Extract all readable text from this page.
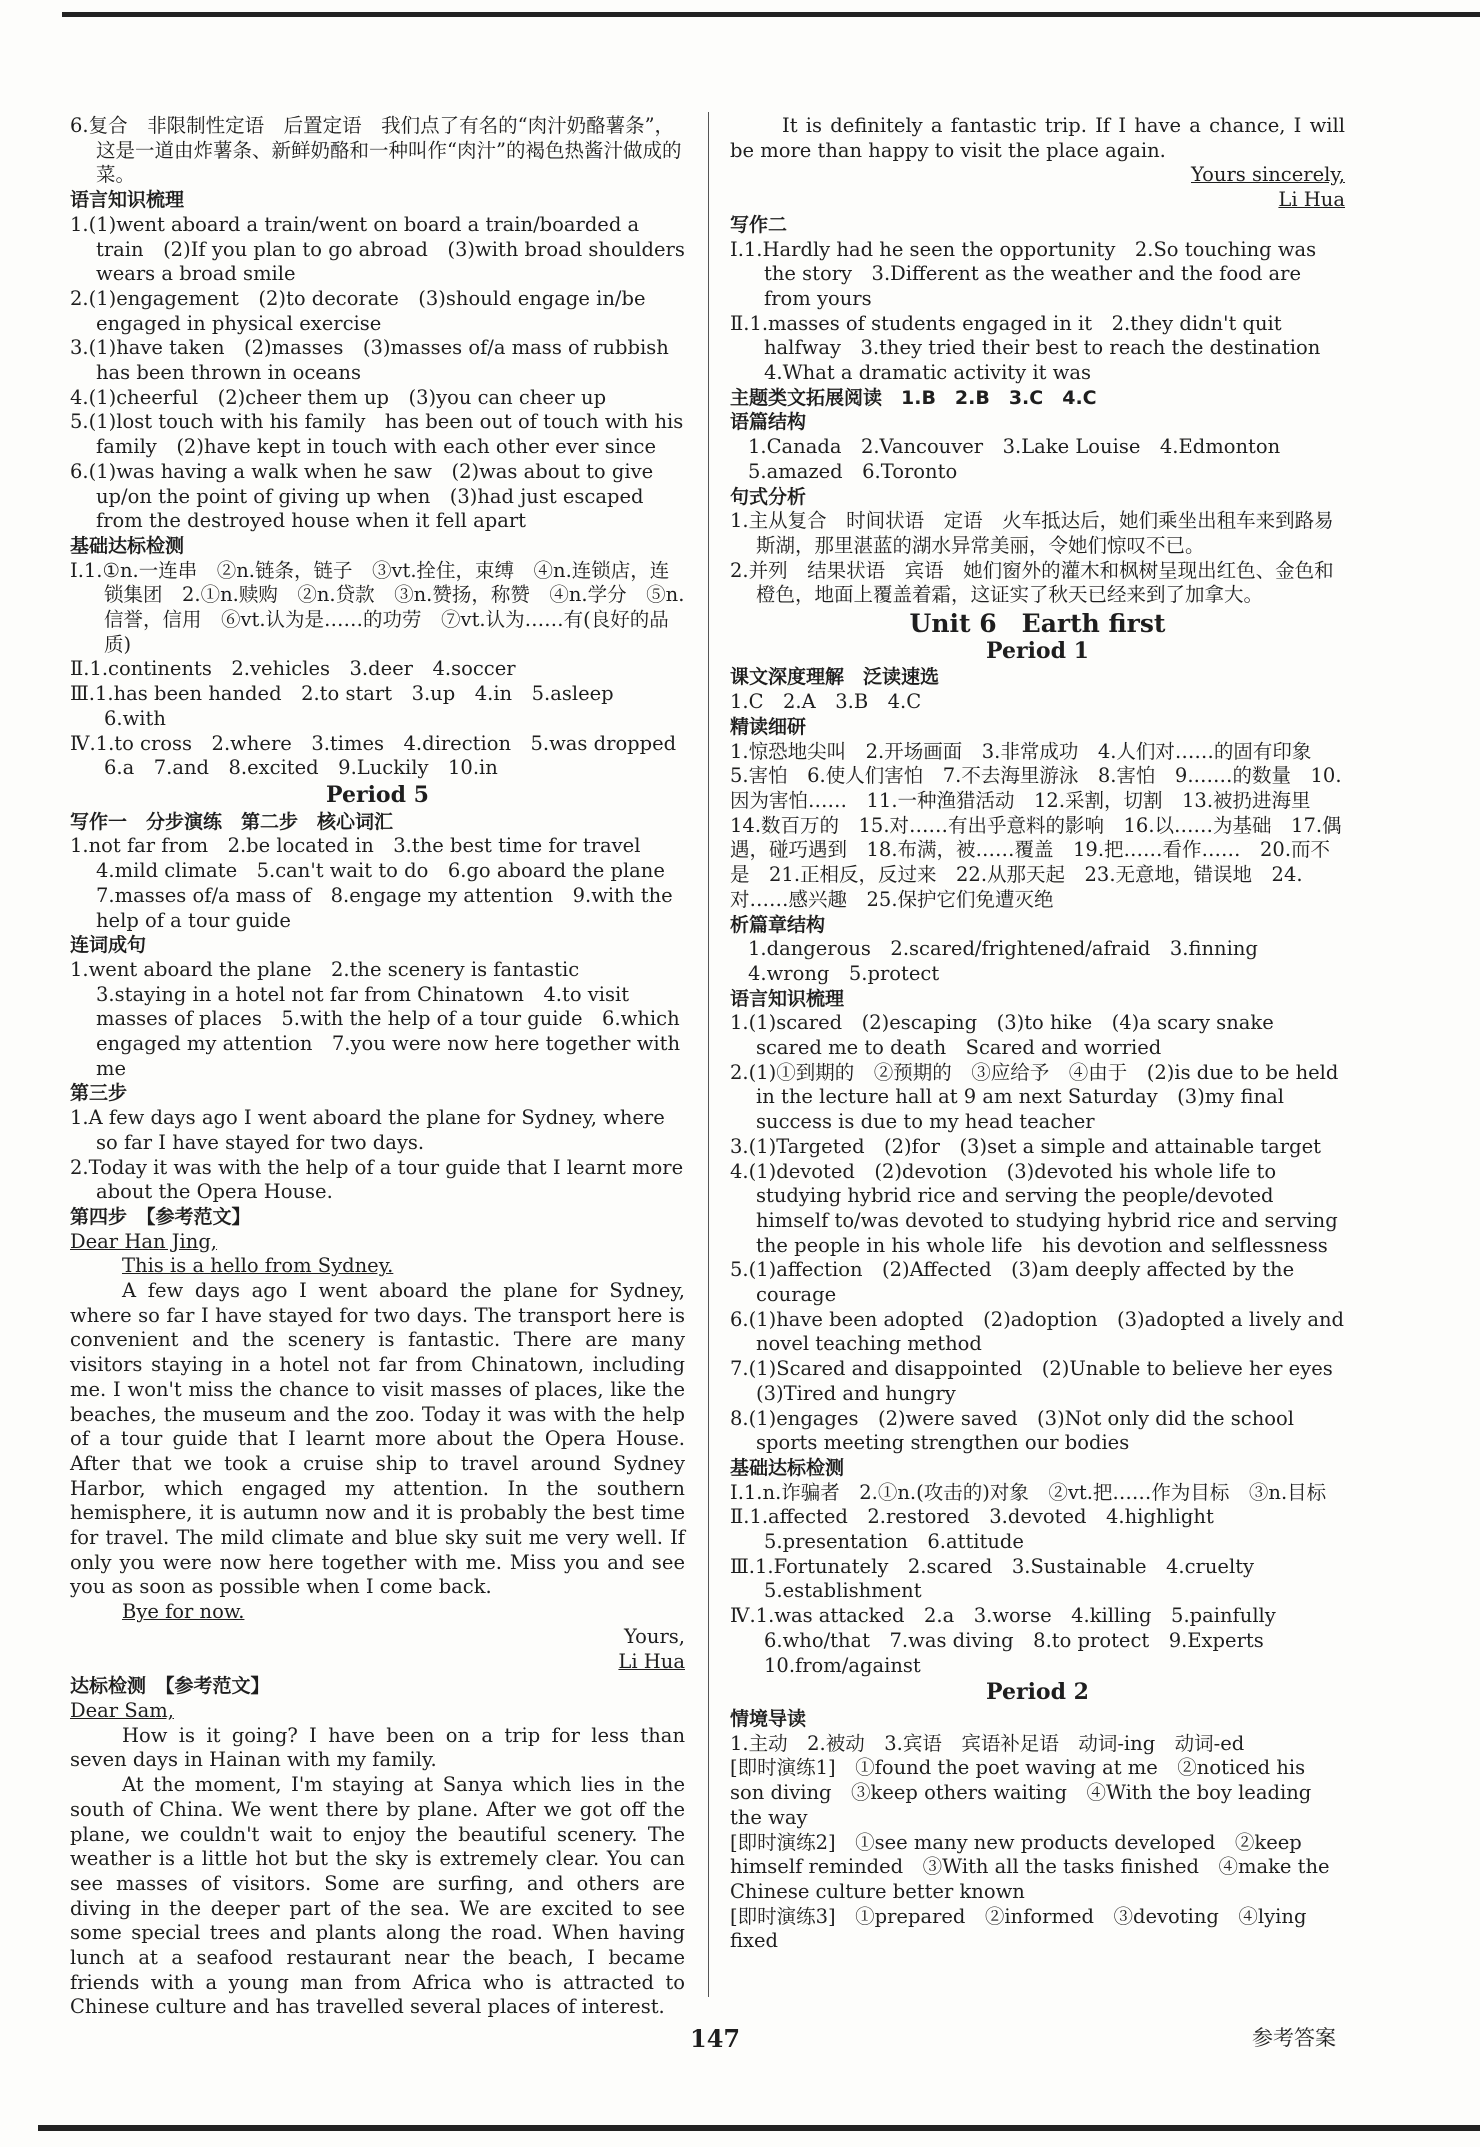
6.复合　非限制性定语　后置定语　我们点了有名的“肉汁奶酪薯条”，这是一道由炸薯条、新鲜奶酪和一种叫作“肉汁”的褐色热酱汁做成的菜。
语言知识梳理
1.(1)went aboard a train/went on board a train/boarded a train　(2)If you plan to go abroad　(3)with broad shoulders　wears a broad smile
2.(1)engagement　(2)to decorate　(3)should engage in/be engaged in physical exercise
3.(1)have taken　(2)masses　(3)masses of/a mass of rubbish has been thrown in oceans
4.(1)cheerful　(2)cheer them up　(3)you can cheer up
5.(1)lost touch with his family　has been out of touch with his family　(2)have kept in touch with each other ever since
6.(1)was having a walk when he saw　(2)was about to give up/on the point of giving up when　(3)had just escaped from the destroyed house when it fell apart
基础达标检测
Ⅰ.1.①n.一连串　②n.链条，链子　③vt.拴住，束缚　④n.连锁店，连锁集团　2.①n.赎购　②n.贷款　③n.赞扬，称赞　④n.学分　⑤n.信誉，信用　⑥vt.认为是……的功劳　⑦vt.认为……有(良好的品质)
Ⅱ.1.continents　2.vehicles　3.deer　4.soccer
Ⅲ.1.has been handed　2.to start　3.up　4.in　5.asleep　6.with
Ⅳ.1.to cross　2.where　3.times　4.direction　5.was dropped　6.a　7.and　8.excited　9.Luckily　10.in
Period 5
写作一　分步演练　第二步　核心词汇
1.not far from　2.be located in　3.the best time for travel　4.mild climate　5.can't wait to do　6.go aboard the plane　7.masses of/a mass of　8.engage my attention　9.with the help of a tour guide
连词成句
1.went aboard the plane　2.the scenery is fantastic　3.staying in a hotel not far from Chinatown　4.to visit masses of places　5.with the help of a tour guide　6.which engaged my attention　7.you were now here together with me
第三步
1.A few days ago I went aboard the plane for Sydney, where so far I have stayed for two days.
2.Today it was with the help of a tour guide that I learnt more about the Opera House.
第四步　【参考范文】
Dear Han Jing,
This is a hello from Sydney.
A few days ago I went aboard the plane for Sydney, where so far I have stayed for two days. The transport here is convenient and the scenery is fantastic. There are many visitors staying in a hotel not far from Chinatown, including me. I won't miss the chance to visit masses of places, like the beaches, the museum and the zoo. Today it was with the help of a tour guide that I learnt more about the Opera House. After that we took a cruise ship to travel around Sydney Harbor, which engaged my attention. In the southern hemisphere, it is autumn now and it is probably the best time for travel. The mild climate and blue sky suit me very well. If only you were now here together with me. Miss you and see you as soon as possible when I come back.
Bye for now.
Yours,
Li Hua
达标检测　【参考范文】
Dear Sam,
How is it going? I have been on a trip for less than seven days in Hainan with my family.
At the moment, I'm staying at Sanya which lies in the south of China. We went there by plane. After we got off the plane, we couldn't wait to enjoy the beautiful scenery. The weather is a little hot but the sky is extremely clear. You can see masses of visitors. Some are surfing, and others are diving in the deeper part of the sea. We are excited to see some special trees and plants along the road. When having lunch at a seafood restaurant near the beach, I became friends with a young man from Africa who is attracted to Chinese culture and has travelled several places of interest.
It is definitely a fantastic trip. If I have a chance, I will be more than happy to visit the place again.
Yours sincerely,
Li Hua
写作二
Ⅰ.1.Hardly had he seen the opportunity　2.So touching was the story　3.Different as the weather and the food are from yours
Ⅱ.1.masses of students engaged in it　2.they didn't quit halfway　3.they tried their best to reach the destination　4.What a dramatic activity it was
主题类文拓展阅读　1.B　2.B　3.C　4.C
语篇结构
1.Canada　2.Vancouver　3.Lake Louise　4.Edmonton　5.amazed　6.Toronto
句式分析
1.主从复合　时间状语　定语　火车抵达后，她们乘坐出租车来到路易斯湖，那里湛蓝的湖水异常美丽，令她们惊叹不已。
2.并列　结果状语　宾语　她们窗外的灌木和枫树呈现出红色、金色和橙色，地面上覆盖着霜，这证实了秋天已经来到了加拿大。
Unit 6　Earth first
Period 1
课文深度理解　泛读速选
1.C　2.A　3.B　4.C
精读细研
1.惊恐地尖叫　2.开场画面　3.非常成功　4.人们对……的固有印象　5.害怕　6.使人们害怕　7.不去海里游泳　8.害怕　9.……的数量　10.因为害怕……　11.一种渔猎活动　12.采割，切割　13.被扔进海里　14.数百万的　15.对……有出乎意料的影响　16.以……为基础　17.偶遇，碰巧遇到　18.布满，被……覆盖　19.把……看作……　20.而不是　21.正相反，反过来　22.从那天起　23.无意地，错误地　24.对……感兴趣　25.保护它们免遭灭绝
析篇章结构
1.dangerous　2.scared/frightened/afraid　3.finning　4.wrong　5.protect
语言知识梳理
1.(1)scared　(2)escaping　(3)to hike　(4)a scary snake scared me to death　Scared and worried
2.(1)①到期的　②预期的　③应给予　④由于　(2)is due to be held in the lecture hall at 9 am next Saturday　(3)my final success is due to my head teacher
3.(1)Targeted　(2)for　(3)set a simple and attainable target
4.(1)devoted　(2)devotion　(3)devoted his whole life to studying hybrid rice and serving the people/devoted himself to/was devoted to studying hybrid rice and serving the people in his whole life　his devotion and selflessness
5.(1)affection　(2)Affected　(3)am deeply affected by the courage
6.(1)have been adopted　(2)adoption　(3)adopted a lively and novel teaching method
7.(1)Scared and disappointed　(2)Unable to believe her eyes　(3)Tired and hungry
8.(1)engages　(2)were saved　(3)Not only did the school sports meeting strengthen our bodies
基础达标检测
Ⅰ.1.n.诈骗者　2.①n.(攻击的)对象　②vt.把……作为目标　③n.目标
Ⅱ.1.affected　2.restored　3.devoted　4.highlight　5.presentation　6.attitude
Ⅲ.1.Fortunately　2.scared　3.Sustainable　4.cruelty　5.establishment
Ⅳ.1.was attacked　2.a　3.worse　4.killing　5.painfully　6.who/that　7.was diving　8.to protect　9.Experts　10.from/against
Period 2
情境导读
1.主动　2.被动　3.宾语　宾语补足语　动词-ing　动词-ed
[即时演练1]　①found the poet waving at me　②noticed his son diving　③keep others waiting　④With the boy leading the way
[即时演练2]　①see many new products developed　②keep himself reminded　③With all the tasks finished　④make the Chinese culture better known
[即时演练3]　①prepared　②informed　③devoting　④lying　fixed
147	参考答案
